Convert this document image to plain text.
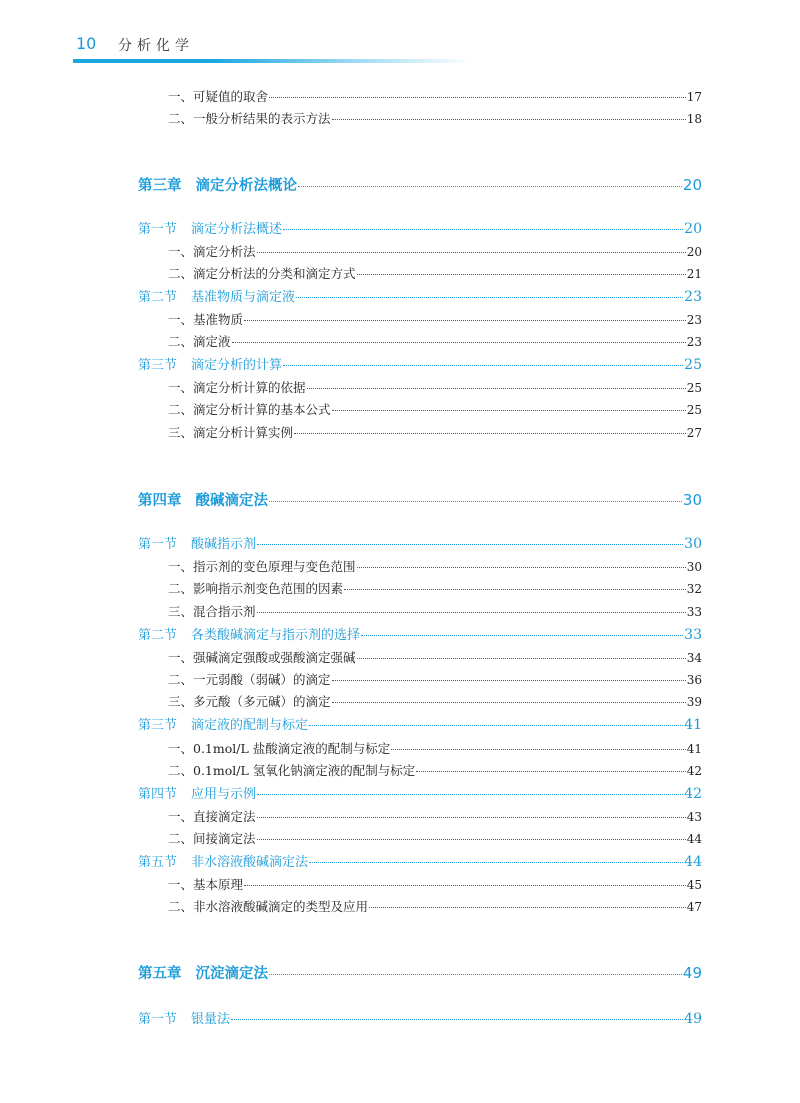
10 分析化学
一、可疑值的取舍	17
二、一般分析结果的表示方法	18
第三章 滴定分析法概论	20
第一节 滴定分析法概述	20
一、滴定分析法	20
二、滴定分析法的分类和滴定方式	21
第二节 基准物质与滴定液	23
一、基准物质	23
二、滴定液	23
第三节 滴定分析的计算	25
一、滴定分析计算的依据	25
二、滴定分析计算的基本公式	25
三、滴定分析计算实例	27
第四章 酸碱滴定法	30
第一节 酸碱指示剂	30
一、指示剂的变色原理与变色范围	30
二、影响指示剂变色范围的因素	32
三、混合指示剂	33
第二节 各类酸碱滴定与指示剂的选择	33
一、强碱滴定强酸或强酸滴定强碱	34
二、一元弱酸（弱碱）的滴定	36
三、多元酸（多元碱）的滴定	39
第三节 滴定液的配制与标定	41
一、0.1mol/L 盐酸滴定液的配制与标定	41
二、0.1mol/L 氢氧化钠滴定液的配制与标定	42
第四节 应用与示例	42
一、直接滴定法	43
二、间接滴定法	44
第五节 非水溶液酸碱滴定法	44
一、基本原理	45
二、非水溶液酸碱滴定的类型及应用	47
第五章 沉淀滴定法	49
第一节 银量法	49
